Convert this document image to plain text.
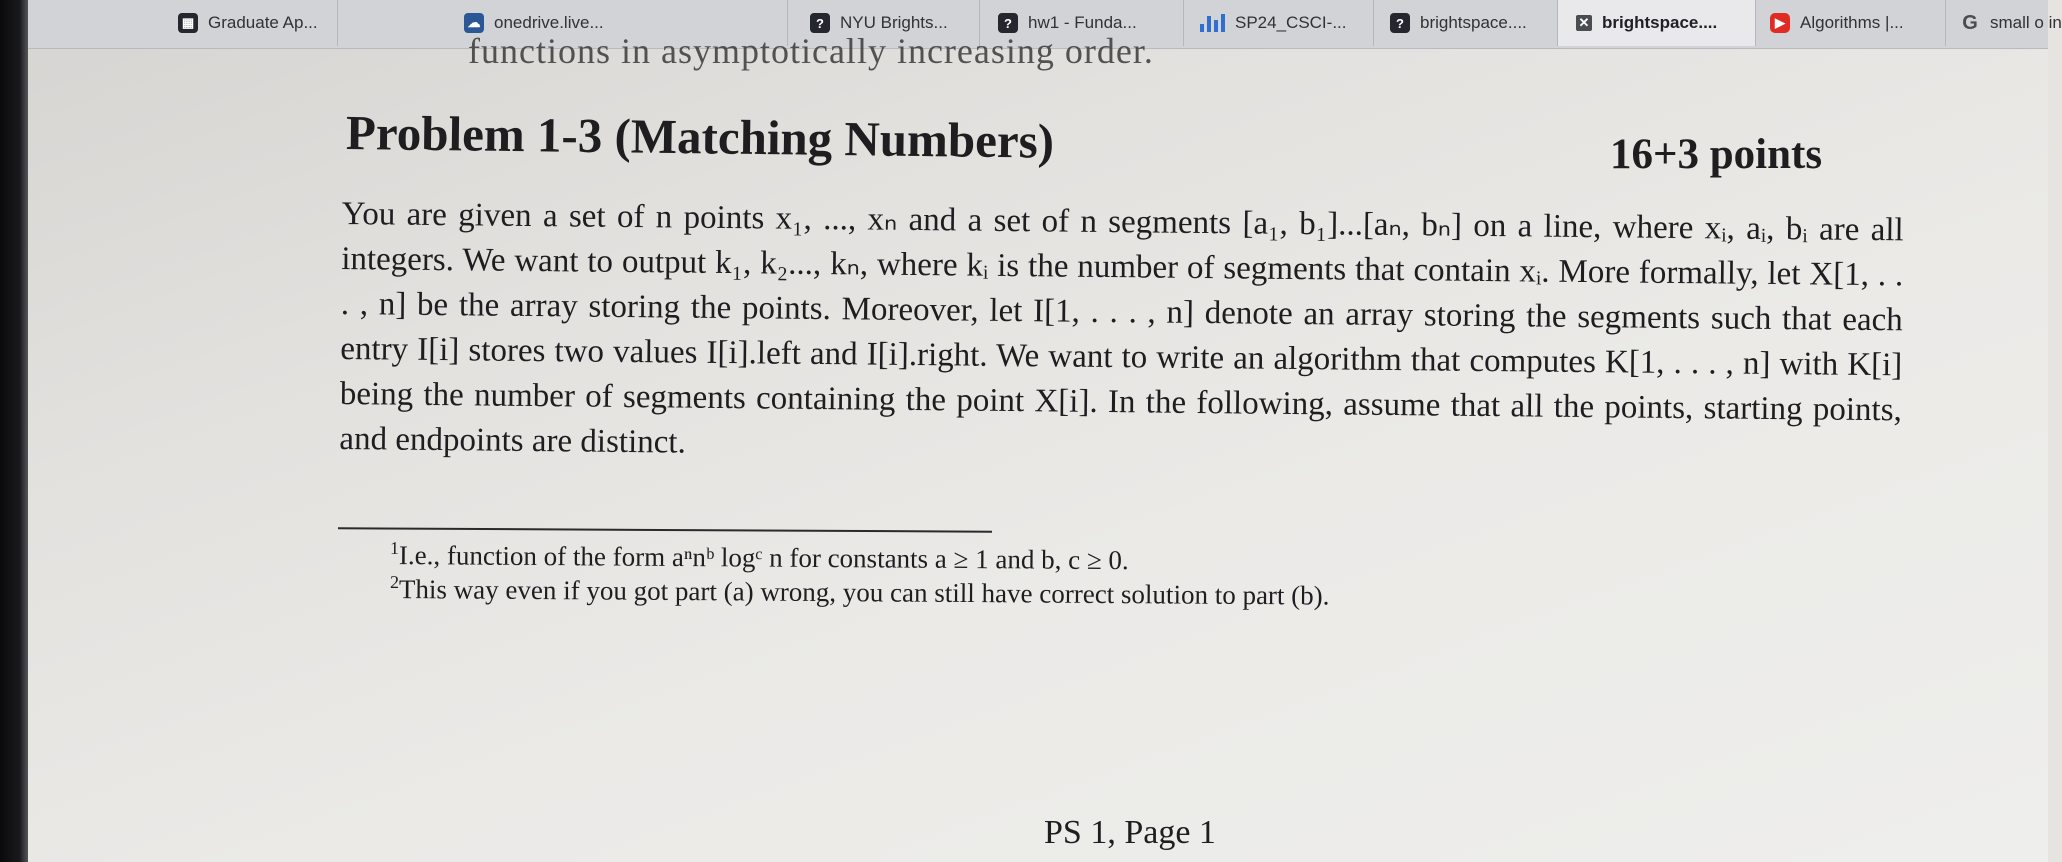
▦ Graduate Ap...	☁ onedrive.live...	? NYU Brights...	? hw1 - Funda...	SP24_CSCI-...	? brightspace....	✕ brightspace....	▶ Algorithms |...	G small o in
functions in asymptotically increasing order.
Problem 1-3 (Matching Numbers)	16+3 points

You are given a set of n points x₁, ..., xₙ and a set of n segments [a₁, b₁]...[aₙ, bₙ] on a line, where xᵢ, aᵢ, bᵢ are all integers. We want to output k₁, k₂..., kₙ, where kᵢ is the number of segments that contain xᵢ. More formally, let X[1, . . . , n] be the array storing the points. Moreover, let I[1, . . . , n] denote an array storing the segments such that each entry I[i] stores two values I[i].left and I[i].right. We want to write an algorithm that computes K[1, . . . , n] with K[i] being the number of segments containing the point X[i]. In the following, assume that all the points, starting points, and endpoints are distinct.

$^1$I.e., function of the form aⁿnᵇ logᶜ n for constants a ≥ 1 and b, c ≥ 0.
$^2$This way even if you got part (a) wrong, you can still have correct solution to part (b).
PS 1, Page 1
